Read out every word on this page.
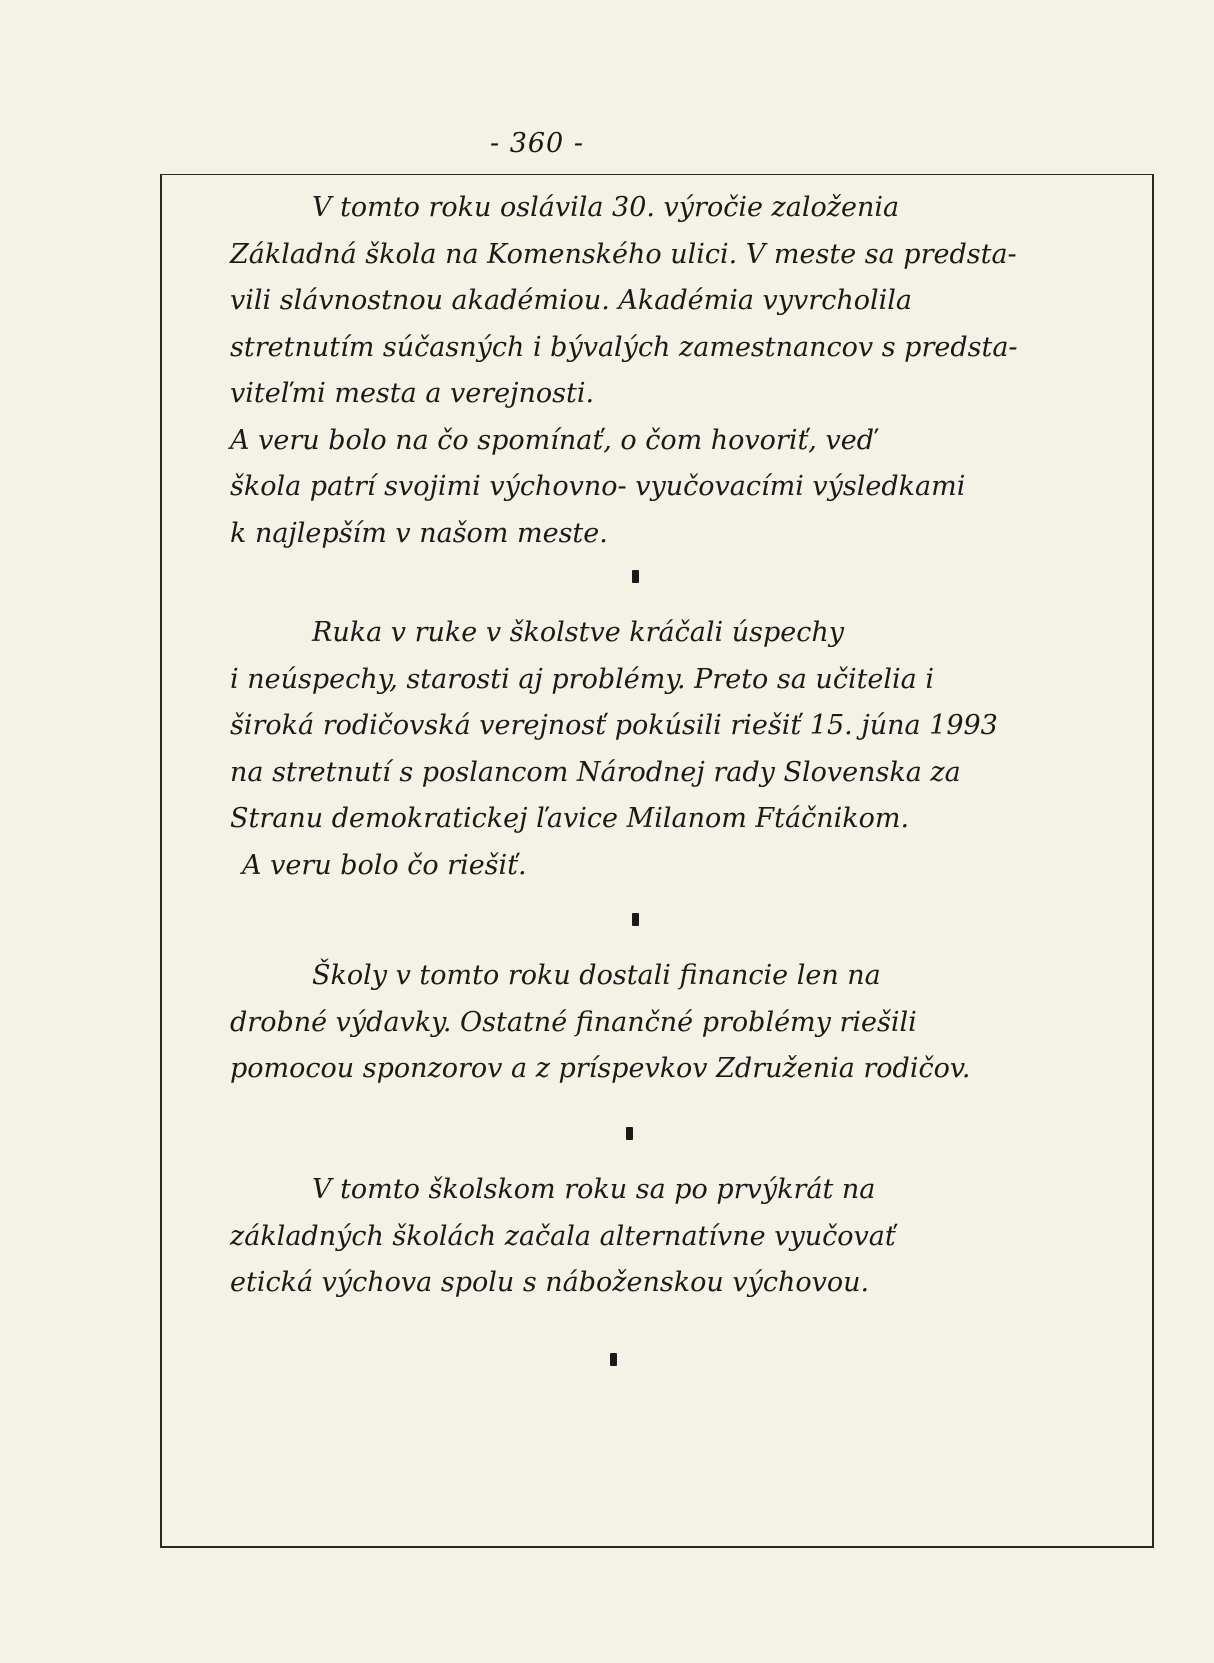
- 360 -
V tomto roku oslávila 30. výročie založenia
Základná škola na Komenského ulici. V meste sa predsta-
vili slávnostnou akadémiou. Akadémia vyvrcholila
stretnutím súčasných i bývalých zamestnancov s predsta-
viteľmi mesta a verejnosti.
A veru bolo na čo spomínať, o čom hovoriť, veď
škola patrí svojimi výchovno- vyučovacími výsledkami
k najlepším v našom meste.
Ruka v ruke v školstve kráčali úspechy
i neúspechy, starosti aj problémy. Preto sa učitelia i
široká rodičovská verejnosť pokúsili riešiť 15. júna 1993
na stretnutí s poslancom Národnej rady Slovenska za
Stranu demokratickej ľavice Milanom Ftáčnikom.
A veru bolo čo riešiť.
Školy v tomto roku dostali financie len na
drobné výdavky. Ostatné finančné problémy riešili
pomocou sponzorov a z príspevkov Združenia rodičov.
V tomto školskom roku sa po prvýkrát na
základných školách začala alternatívne vyučovať
etická výchova spolu s náboženskou výchovou.
